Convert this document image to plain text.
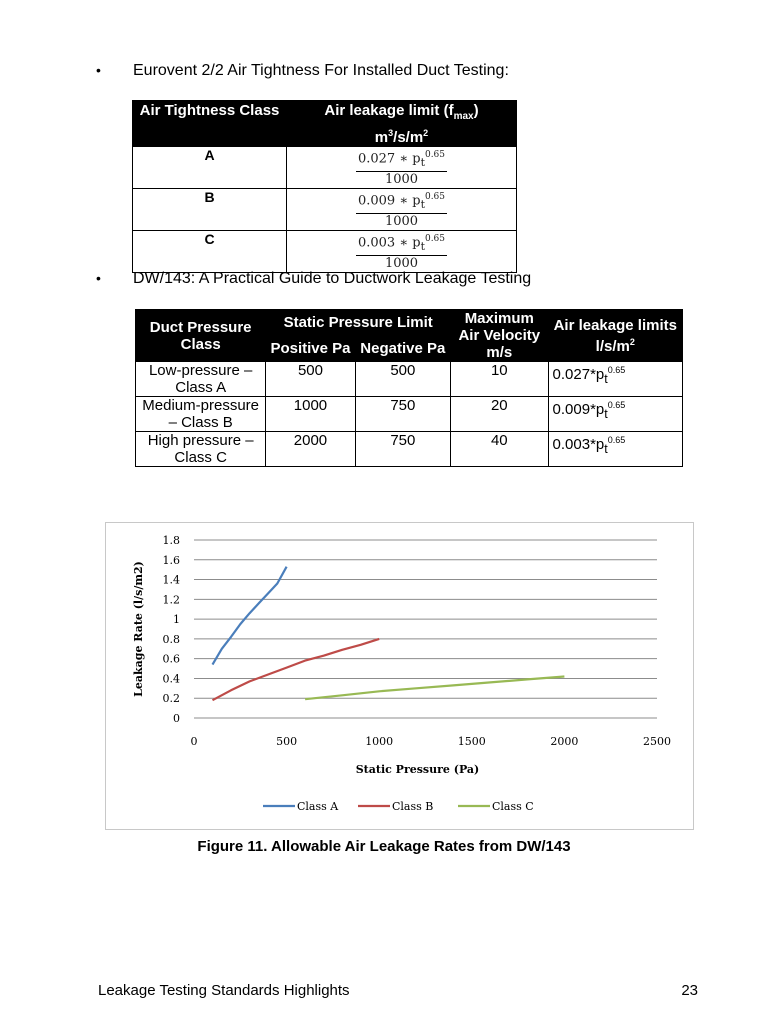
• Eurovent 2/2 Air Tightness For Installed Duct Testing:
Air Tightness Class	Air leakage limit $(f_{max})$
$m^3/s/m^2$
A	$\frac{0.027 ∗ p_t^{0.65}}{1000}$

B	$\frac{0.009 ∗ p_t^{0.65}}{1000}$

C	$\frac{0.003 ∗ p_t^{0.65}}{1000}$
• DW/143: A Practical Guide to Ductwork Leakage Testing
Duct Pressure Class	Static Pressure Limit		Maximum Air Velocity m/s	Air leakage limits $l/s/m^2$
	Positive Pa	Negative Pa		
Low-pressure – Class A	500	500	10	$0.027*p_t^{0.65}$
Medium-pressure – Class B	1000	750	20	$0.009*p_t^{0.65}$
High pressure – Class C	2000	750	40	$0.003*p_t^{0.65}$
0
0.2
0.4
0.6
0.8
1
1.2
1.4
1.6
1.8
0	500	1000	1500	2000	2500
Static Pressure (Pa)
Leakage Rate (l/s/m2)
Class A	Class B	Class C
Figure 11. Allowable Air Leakage Rates from DW/143
Leakage Testing Standards Highlights	23
